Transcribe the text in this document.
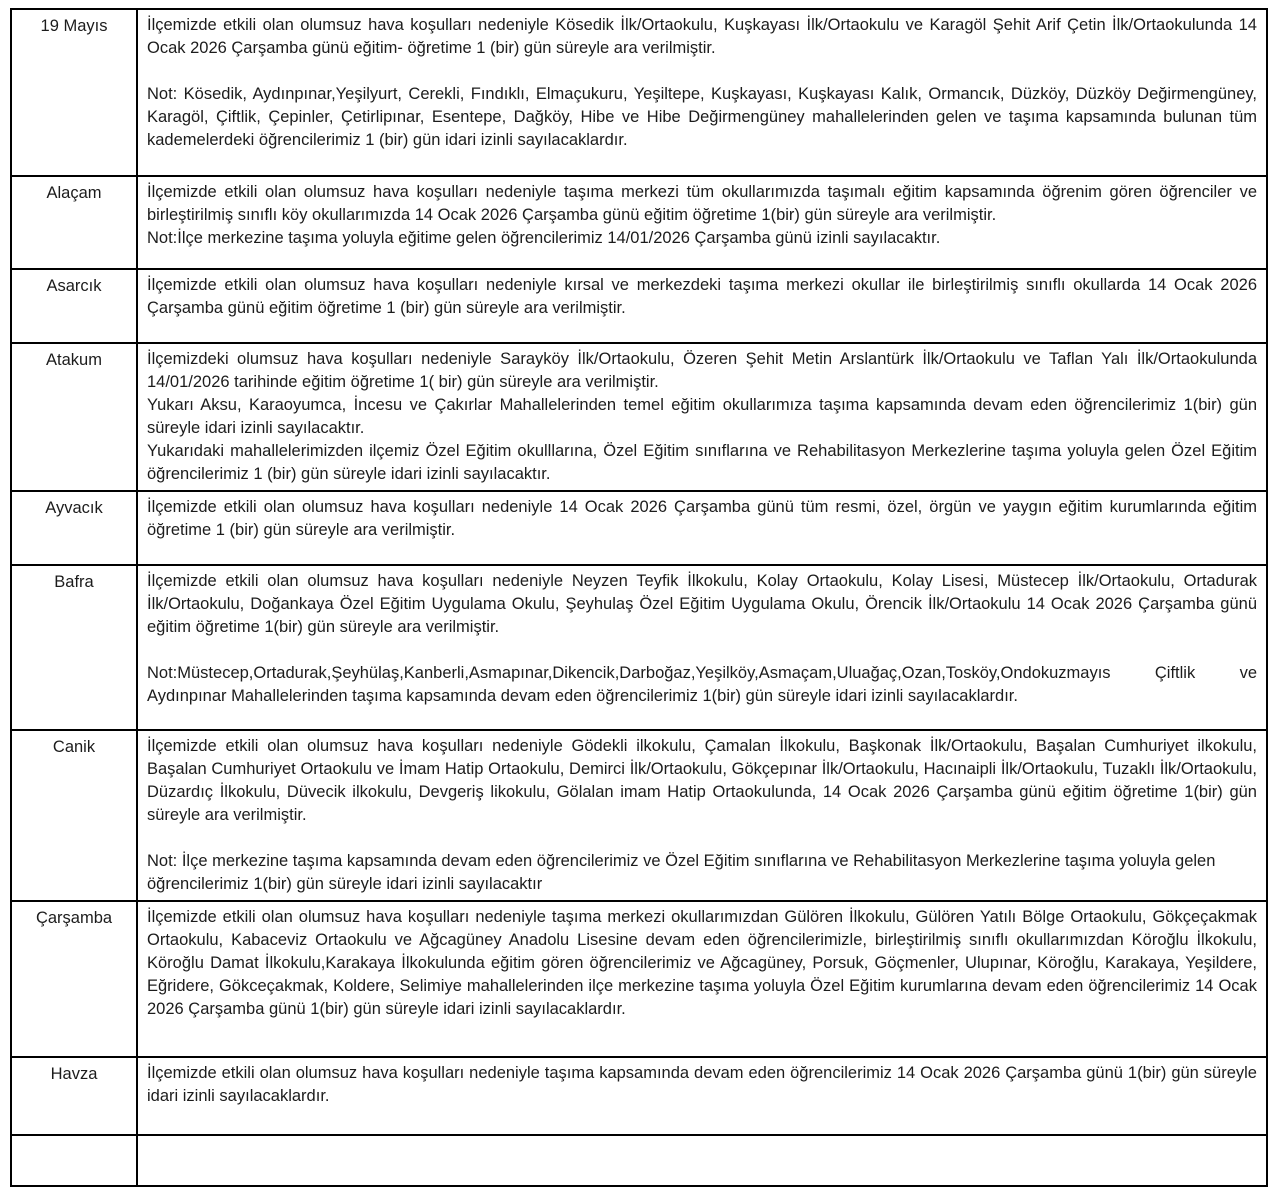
19 Mayıs	İlçemizde etkili olan olumsuz hava koşulları nedeniyle Kösedik İlk/Ortaokulu, Kuşkayası İlk/Ortaokulu ve Karagöl Şehit Arif Çetin İlk/Ortaokulunda 14 Ocak 2026 Çarşamba günü eğitim- öğretime 1 (bir) gün süreyle ara verilmiştir.

Not: Kösedik, Aydınpınar,Yeşilyurt, Cerekli, Fındıklı, Elmaçukuru, Yeşiltepe, Kuşkayası, Kuşkayası Kalık, Ormancık, Düzköy, Düzköy Değirmengüney, Karagöl, Çiftlik, Çepinler, Çetirlipınar, Esentepe, Dağköy, Hibe ve Hibe Değirmengüney mahallelerinden gelen ve taşıma kapsamında bulunan tüm kademelerdeki öğrencilerimiz 1 (bir) gün idari izinli sayılacaklardır.

Alaçam	İlçemizde etkili olan olumsuz hava koşulları nedeniyle taşıma merkezi tüm okullarımızda taşımalı eğitim kapsamında öğrenim gören öğrenciler ve birleştirilmiş sınıflı köy okullarımızda 14 Ocak 2026 Çarşamba günü eğitim öğretime 1(bir) gün süreyle ara verilmiştir.

Not:İlçe merkezine taşıma yoluyla eğitime gelen öğrencilerimiz 14/01/2026 Çarşamba günü izinli sayılacaktır.

Asarcık	İlçemizde etkili olan olumsuz hava koşulları nedeniyle kırsal ve merkezdeki taşıma merkezi okullar ile birleştirilmiş sınıflı okullarda 14 Ocak 2026 Çarşamba günü eğitim öğretime 1 (bir) gün süreyle ara verilmiştir.

Atakum	İlçemizdeki olumsuz hava koşulları nedeniyle Sarayköy İlk/Ortaokulu, Özeren Şehit Metin Arslantürk İlk/Ortaokulu ve Taflan Yalı İlk/Ortaokulunda 14/01/2026 tarihinde eğitim öğretime 1( bir) gün süreyle ara verilmiştir.

Yukarı Aksu, Karaoyumca, İncesu ve Çakırlar Mahallelerinden temel eğitim okullarımıza taşıma kapsamında devam eden öğrencilerimiz 1(bir) gün süreyle idari izinli sayılacaktır.

Yukarıdaki mahallelerimizden ilçemiz Özel Eğitim okulllarına, Özel Eğitim sınıflarına ve Rehabilitasyon Merkezlerine taşıma yoluyla gelen Özel Eğitim öğrencilerimiz 1 (bir) gün süreyle idari izinli sayılacaktır.

Ayvacık	İlçemizde etkili olan olumsuz hava koşulları nedeniyle 14 Ocak 2026 Çarşamba günü tüm resmi, özel, örgün ve yaygın eğitim kurumlarında eğitim öğretime 1 (bir) gün süreyle ara verilmiştir.

Bafra	İlçemizde etkili olan olumsuz hava koşulları nedeniyle Neyzen Teyfik İlkokulu, Kolay Ortaokulu, Kolay Lisesi, Müstecep İlk/Ortaokulu, Ortadurak İlk/Ortaokulu, Doğankaya Özel Eğitim Uygulama Okulu, Şeyhulaş Özel Eğitim Uygulama Okulu, Örencik İlk/Ortaokulu 14 Ocak 2026 Çarşamba günü eğitim öğretime 1(bir) gün süreyle ara verilmiştir.

Not:Müstecep,Ortadurak,Şeyhülaş,Kanberli,Asmapınar,Dikencik,Darboğaz,Yeşilköy,Asmaçam,Uluağaç,Ozan,Tosköy,Ondokuzmayıs Çiftlik ve Aydınpınar Mahallelerinden taşıma kapsamında devam eden öğrencilerimiz 1(bir) gün süreyle idari izinli sayılacaklardır.

Canik	İlçemizde etkili olan olumsuz hava koşulları nedeniyle Gödekli ilkokulu, Çamalan İlkokulu, Başkonak İlk/Ortaokulu, Başalan Cumhuriyet ilkokulu, Başalan Cumhuriyet Ortaokulu ve İmam Hatip Ortaokulu, Demirci İlk/Ortaokulu, Gökçepınar İlk/Ortaokulu, Hacınaipli İlk/Ortaokulu, Tuzaklı İlk/Ortaokulu, Düzardıç İlkokulu, Düvecik ilkokulu, Devgeriş likokulu, Gölalan imam Hatip Ortaokulunda, 14 Ocak 2026 Çarşamba günü eğitim öğretime 1(bir) gün süreyle ara verilmiştir.

Not: İlçe merkezine taşıma kapsamında devam eden öğrencilerimiz ve Özel Eğitim sınıflarına ve Rehabilitasyon Merkezlerine taşıma yoluyla gelen öğrencilerimiz 1(bir) gün süreyle idari izinli sayılacaktır

Çarşamba	İlçemizde etkili olan olumsuz hava koşulları nedeniyle taşıma merkezi okullarımızdan Gülören İlkokulu, Gülören Yatılı Bölge Ortaokulu, Gökçeçakmak Ortaokulu, Kabaceviz Ortaokulu ve Ağcagüney Anadolu Lisesine devam eden öğrencilerimizle, birleştirilmiş sınıflı okullarımızdan Köroğlu İlkokulu, Köroğlu Damat İlkokulu,Karakaya İlkokulunda eğitim gören öğrencilerimiz ve Ağcagüney, Porsuk, Göçmenler, Ulupınar, Köroğlu, Karakaya, Yeşildere, Eğridere, Gökceçakmak, Koldere, Selimiye mahallelerinden ilçe merkezine taşıma yoluyla Özel Eğitim kurumlarına devam eden öğrencilerimiz 14 Ocak 2026 Çarşamba günü 1(bir) gün süreyle idari izinli sayılacaklardır.

Havza	İlçemizde etkili olan olumsuz hava koşulları nedeniyle taşıma kapsamında devam eden öğrencilerimiz 14 Ocak 2026 Çarşamba günü 1(bir) gün süreyle idari izinli sayılacaklardır.
